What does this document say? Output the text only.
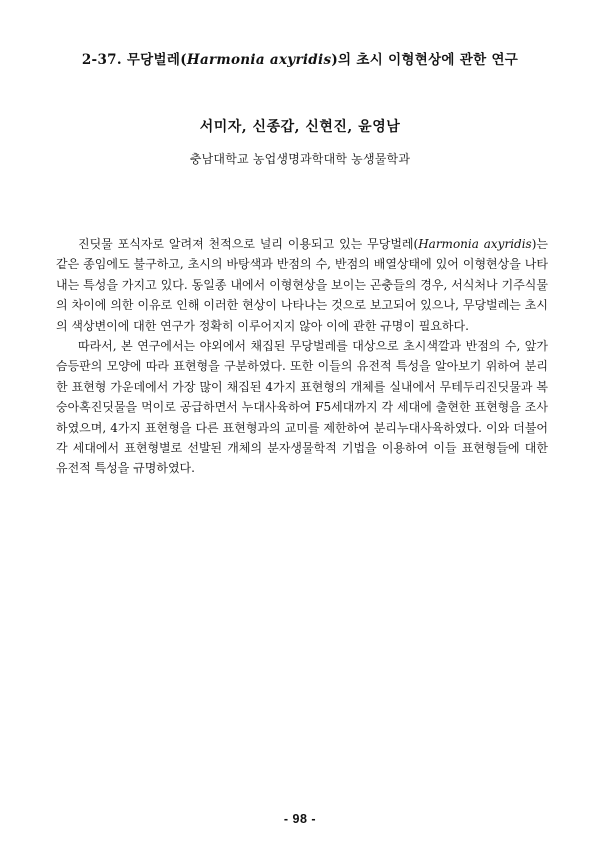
2-37. 무당벌레(Harmonia axyridis)의 초시 이형현상에 관한 연구
서미자, 신종갑, 신현진, 윤영남
충남대학교 농업생명과학대학 농생물학과

진딧물 포식자로 알려져 천적으로 널리 이용되고 있는 무당벌레(Harmonia axyridis)는 같은 종임에도 불구하고, 초시의 바탕색과 반점의 수, 반점의 배열상태에 있어 이형현상을 나타내는 특성을 가지고 있다. 동일종 내에서 이형현상을 보이는 곤충들의 경우, 서식처나 기주식물의 차이에 의한 이유로 인해 이러한 현상이 나타나는 것으로 보고되어 있으나, 무당벌레는 초시의 색상변이에 대한 연구가 정확히 이루어지지 않아 이에 관한 규명이 필요하다.

따라서, 본 연구에서는 야외에서 채집된 무당벌레를 대상으로 초시색깔과 반점의 수, 앞가슴등판의 모양에 따라 표현형을 구분하였다. 또한 이들의 유전적 특성을 알아보기 위하여 분리한 표현형 가운데에서 가장 많이 채집된 4가지 표현형의 개체를 실내에서 무테두리진딧물과 복숭아혹진딧물을 먹이로 공급하면서 누대사육하여 F5세대까지 각 세대에 출현한 표현형을 조사하였으며, 4가지 표현형을 다른 표현형과의 교미를 제한하여 분리누대사육하였다. 이와 더불어 각 세대에서 표현형별로 선발된 개체의 분자생물학적 기법을 이용하여 이들 표현형들에 대한 유전적 특성을 규명하였다.

- 98 -
